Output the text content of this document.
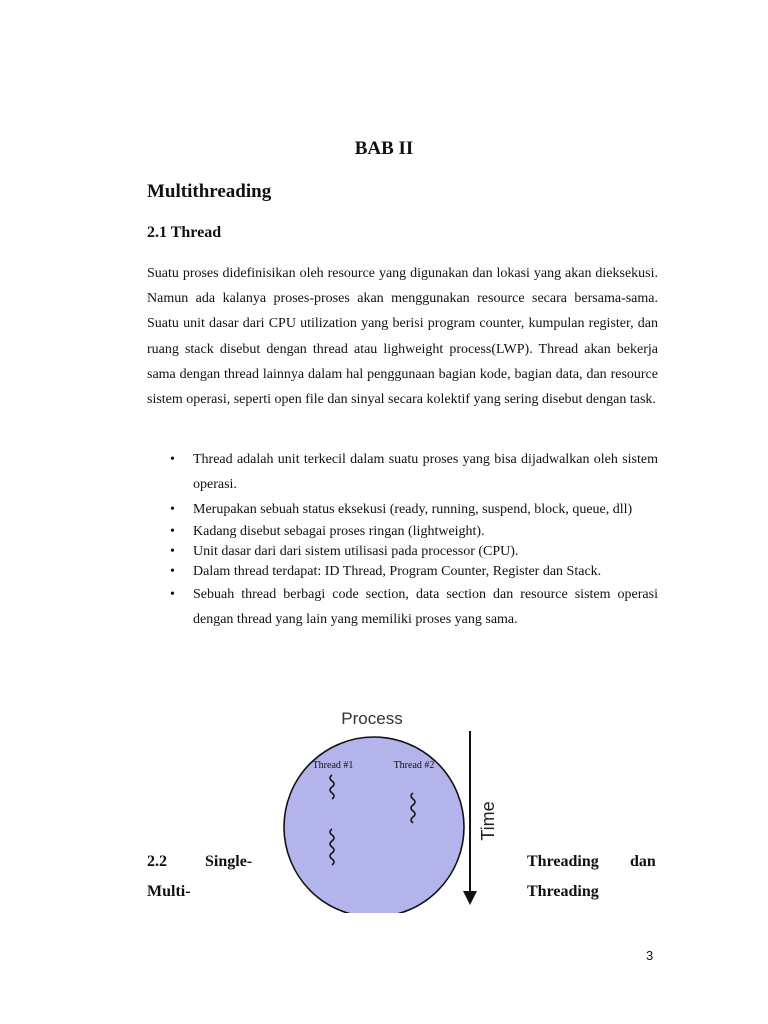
BAB II
Multithreading
2.1 Thread

Suatu proses didefinisikan oleh resource yang digunakan dan lokasi yang akan dieksekusi. Namun ada kalanya proses-proses akan menggunakan resource secara bersama-sama. Suatu unit dasar dari CPU utilization yang berisi program counter, kumpulan register, dan ruang stack disebut dengan thread atau lighweight process(LWP). Thread akan bekerja sama dengan thread lainnya dalam hal penggunaan bagian kode, bagian data, dan resource sistem operasi, seperti open file dan sinyal secara kolektif yang sering disebut dengan task.

• Thread adalah unit terkecil dalam suatu proses yang bisa dijadwalkan oleh sistem operasi.
• Merupakan sebuah status eksekusi (ready, running, suspend, block, queue, dll)
• Kadang disebut sebagai proses ringan (lightweight).
• Unit dasar dari dari sistem utilisasi pada processor (CPU).
• Dalam thread terdapat: ID Thread, Program Counter, Register dan Stack.
• Sebuah thread berbagi code section, data section dan resource sistem operasi dengan thread yang lain yang memiliki proses yang sama.
Process
Thread #1	Thread #2
Time
2.2 Single-
Multi-
Threading dan
Threading
3
